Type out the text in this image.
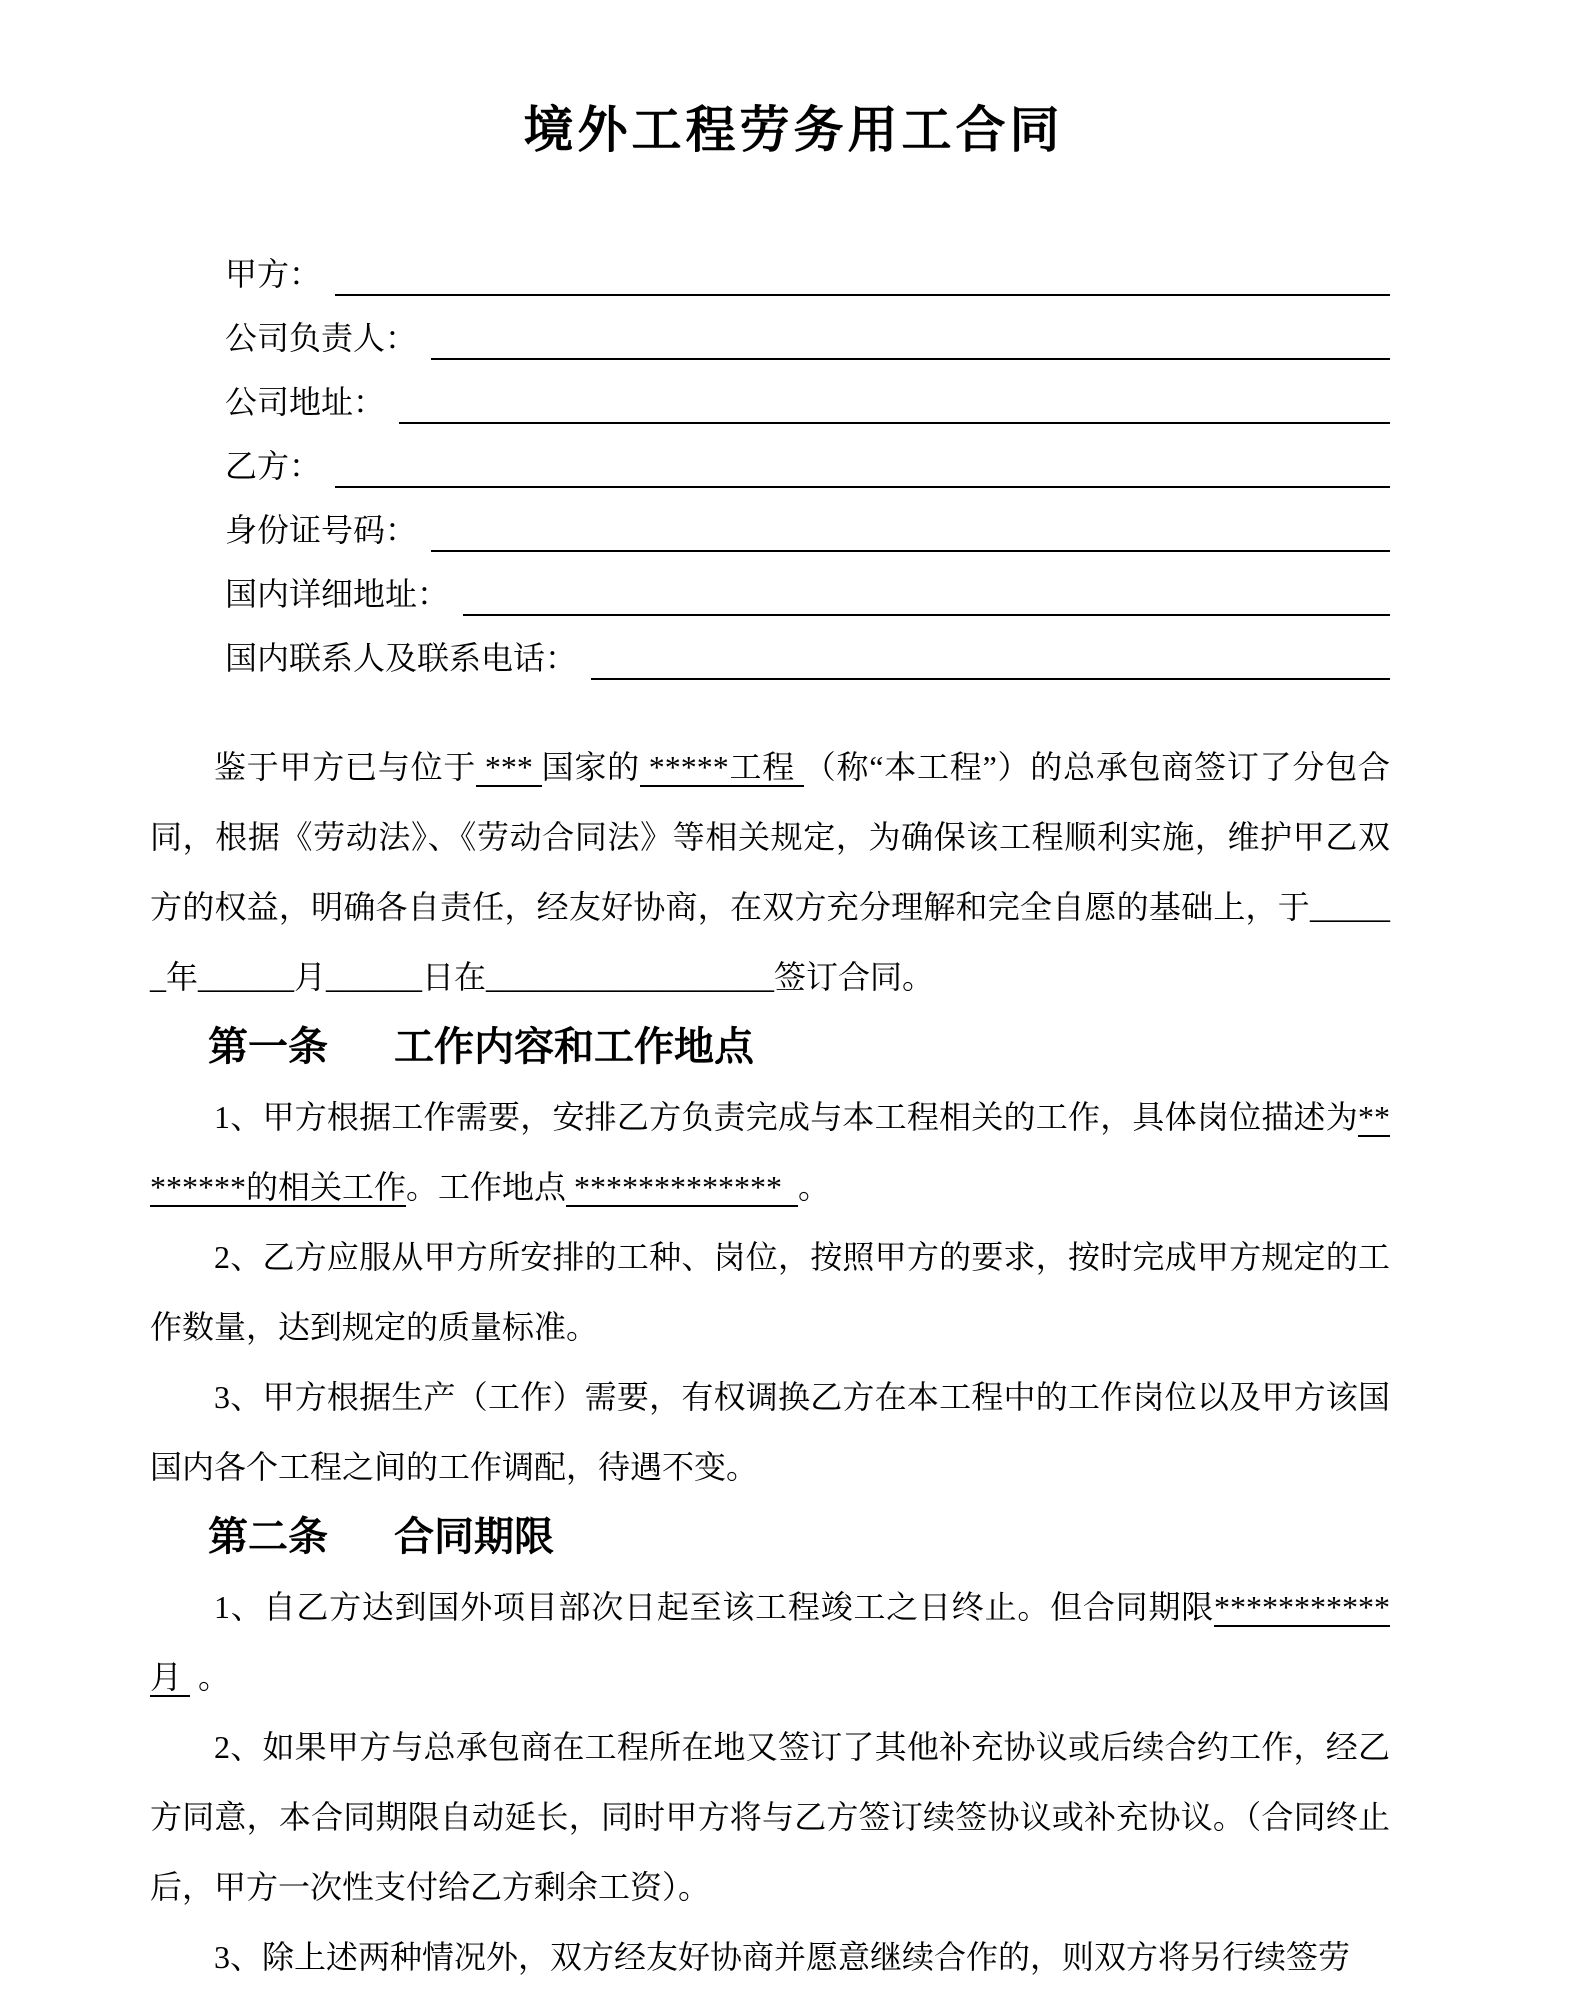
境外工程劳务用工合同
甲方：
公司负责人：
公司地址：
乙方：
身份证号码：
国内详细地址：
国内联系人及联系电话：

鉴于甲方已与位于 *** 国家的 *****工程 （称“本工程”）的总承包商签订了分包合同，根据《劳动法》、《劳动合同法》等相关规定，为确保该工程顺利实施，维护甲乙双方的权益，明确各自责任，经友好协商，在双方充分理解和完全自愿的基础上，于______年______月______日在__________________签订合同。

第一条 工作内容和工作地点

1、甲方根据工作需要，安排乙方负责完成与本工程相关的工作，具体岗位描述为********的相关工作。工作地点 *************  。

2、乙方应服从甲方所安排的工种、岗位，按照甲方的要求，按时完成甲方规定的工作数量，达到规定的质量标准。

3、甲方根据生产（工作）需要，有权调换乙方在本工程中的工作岗位以及甲方该国国内各个工程之间的工作调配，待遇不变。

第二条 合同期限

1、自乙方达到国外项目部次日起至该工程竣工之日终止。但合同期限***********月  。

2、如果甲方与总承包商在工程所在地又签订了其他补充协议或后续合约工作，经乙方同意，本合同期限自动延长，同时甲方将与乙方签订续签协议或补充协议。（合同终止后，甲方一次性支付给乙方剩余工资）。

3、除上述两种情况外，双方经友好协商并愿意继续合作的，则双方将另行续签劳
